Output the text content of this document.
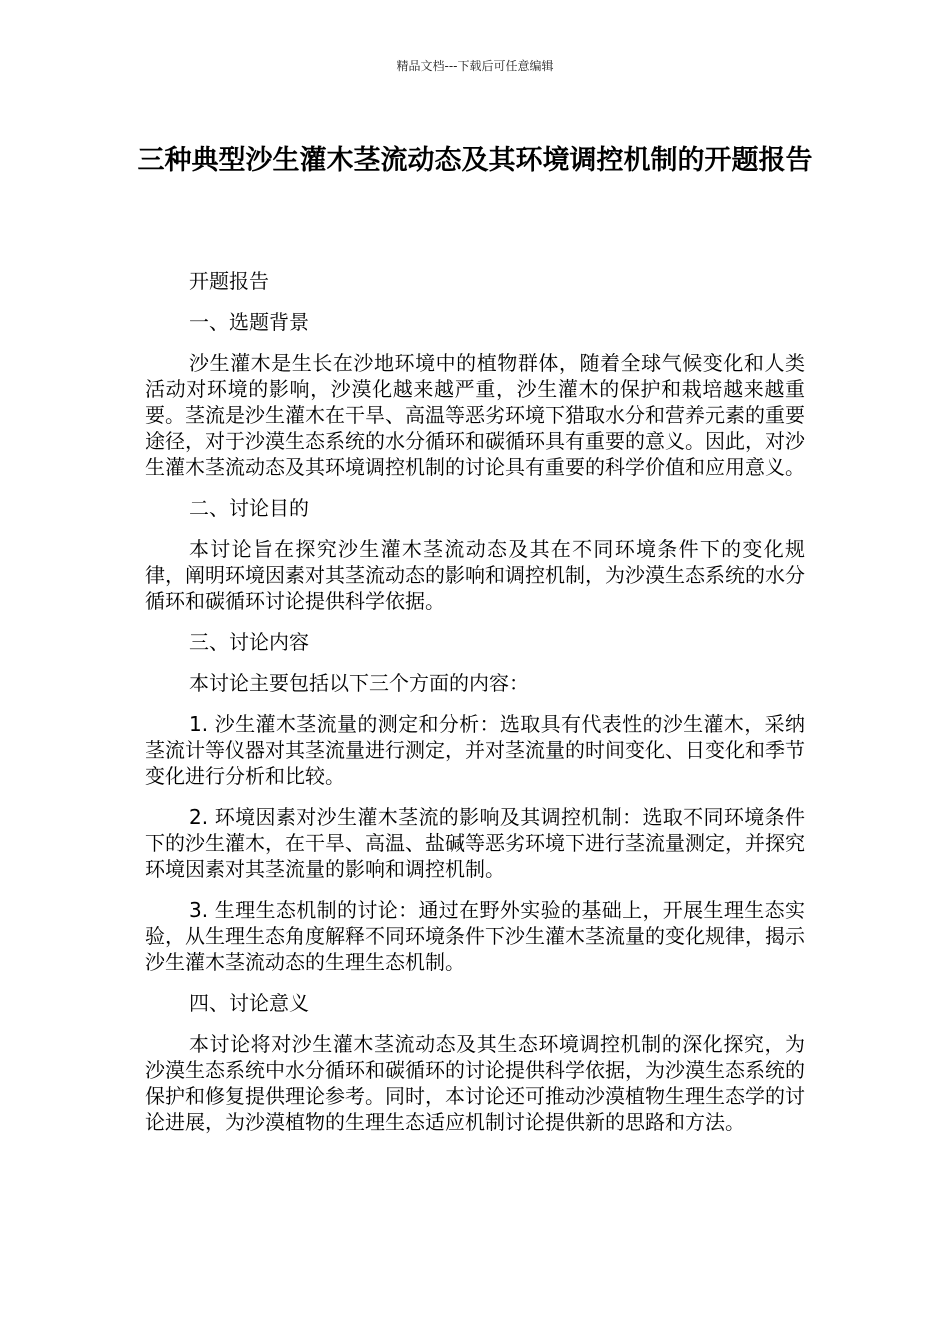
精品文档---下载后可任意编辑
三种典型沙生灌木茎流动态及其环境调控机制的开题报告
开题报告
一、选题背景
沙生灌木是生长在沙地环境中的植物群体，随着全球气候变化和人类活动对环境的影响，沙漠化越来越严重，沙生灌木的保护和栽培越来越重要。茎流是沙生灌木在干旱、高温等恶劣环境下猎取水分和营养元素的重要途径，对于沙漠生态系统的水分循环和碳循环具有重要的意义。因此，对沙生灌木茎流动态及其环境调控机制的讨论具有重要的科学价值和应用意义。
二、讨论目的
本讨论旨在探究沙生灌木茎流动态及其在不同环境条件下的变化规律，阐明环境因素对其茎流动态的影响和调控机制，为沙漠生态系统的水分循环和碳循环讨论提供科学依据。
三、讨论内容
本讨论主要包括以下三个方面的内容：
1. 沙生灌木茎流量的测定和分析：选取具有代表性的沙生灌木，采纳茎流计等仪器对其茎流量进行测定，并对茎流量的时间变化、日变化和季节变化进行分析和比较。
2. 环境因素对沙生灌木茎流的影响及其调控机制：选取不同环境条件下的沙生灌木，在干旱、高温、盐碱等恶劣环境下进行茎流量测定，并探究环境因素对其茎流量的影响和调控机制。
3. 生理生态机制的讨论：通过在野外实验的基础上，开展生理生态实验，从生理生态角度解释不同环境条件下沙生灌木茎流量的变化规律，揭示沙生灌木茎流动态的生理生态机制。
四、讨论意义
本讨论将对沙生灌木茎流动态及其生态环境调控机制的深化探究，为沙漠生态系统中水分循环和碳循环的讨论提供科学依据，为沙漠生态系统的保护和修复提供理论参考。同时，本讨论还可推动沙漠植物生理生态学的讨论进展，为沙漠植物的生理生态适应机制讨论提供新的思路和方法。
